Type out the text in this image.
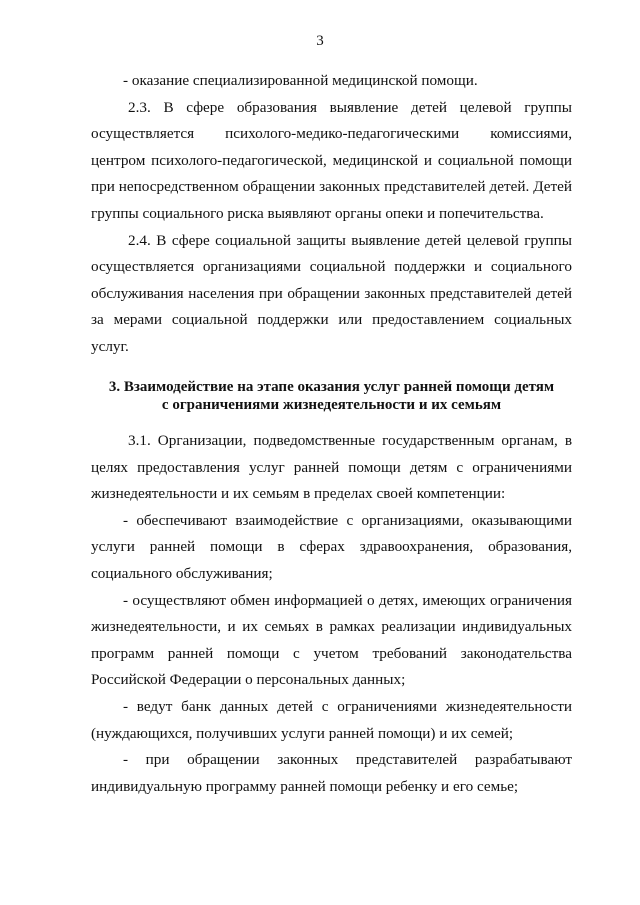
3

- оказание специализированной медицинской помощи.

2.3. В сфере образования выявление детей целевой группы осуществляется психолого-медико-педагогическими комиссиями, центром психолого-педагогической, медицинской и социальной помощи при непосредственном обращении законных представителей детей. Детей группы социального риска выявляют органы опеки и попечительства.

2.4. В сфере социальной защиты выявление детей целевой группы осуществляется организациями социальной поддержки и социального обслуживания населения при обращении законных представителей детей за мерами социальной поддержки или предоставлением социальных услуг.

3. Взаимодействие на этапе оказания услуг ранней помощи детям
с ограничениями жизнедеятельности и их семьям

3.1. Организации, подведомственные государственным органам, в целях предоставления услуг ранней помощи детям с ограничениями жизнедеятельности и их семьям в пределах своей компетенции:

- обеспечивают взаимодействие с организациями, оказывающими услуги ранней помощи в сферах здравоохранения, образования, социального обслуживания;

- осуществляют обмен информацией о детях, имеющих ограничения жизнедеятельности, и их семьях в рамках реализации индивидуальных программ ранней помощи с учетом требований законодательства Российской Федерации о персональных данных;

- ведут банк данных детей с ограничениями жизнедеятельности (нуждающихся, получивших услуги ранней помощи) и их семей;

- при обращении законных представителей разрабатывают индивидуальную программу ранней помощи ребенку и его семье;
